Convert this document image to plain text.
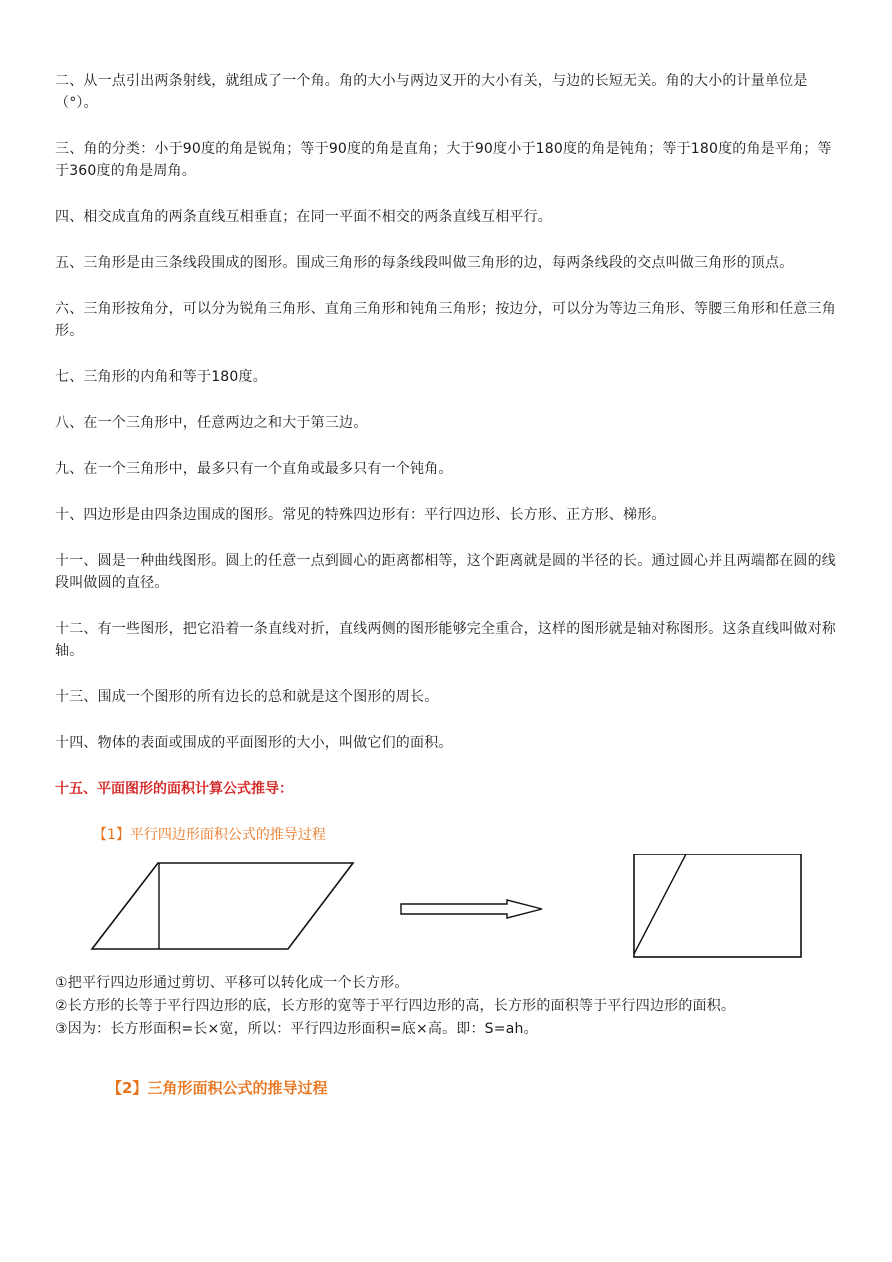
二、从一点引出两条射线，就组成了一个角。角的大小与两边叉开的大小有关，与边的长短无关。角的大小的计量单位是（°）。

三、角的分类：小于90度的角是锐角；等于90度的角是直角；大于90度小于180度的角是钝角；等于180度的角是平角；等于360度的角是周角。

四、相交成直角的两条直线互相垂直；在同一平面不相交的两条直线互相平行。

五、三角形是由三条线段围成的图形。围成三角形的每条线段叫做三角形的边，每两条线段的交点叫做三角形的顶点。

六、三角形按角分，可以分为锐角三角形、直角三角形和钝角三角形；按边分，可以分为等边三角形、等腰三角形和任意三角形。

七、三角形的内角和等于180度。

八、在一个三角形中，任意两边之和大于第三边。

九、在一个三角形中，最多只有一个直角或最多只有一个钝角。

十、四边形是由四条边围成的图形。常见的特殊四边形有：平行四边形、长方形、正方形、梯形。

十一、圆是一种曲线图形。圆上的任意一点到圆心的距离都相等，这个距离就是圆的半径的长。通过圆心并且两端都在圆的线段叫做圆的直径。

十二、有一些图形，把它沿着一条直线对折，直线两侧的图形能够完全重合，这样的图形就是轴对称图形。这条直线叫做对称轴。

十三、围成一个图形的所有边长的总和就是这个图形的周长。

十四、物体的表面或围成的平面图形的大小，叫做它们的面积。

十五、平面图形的面积计算公式推导：

【1】平行四边形面积公式的推导过程

①把平行四边形通过剪切、平移可以转化成一个长方形。
②长方形的长等于平行四边形的底，长方形的宽等于平行四边形的高，长方形的面积等于平行四边形的面积。
③因为：长方形面积=长×宽，所以：平行四边形面积=底×高。即：S=ah。

【2】三角形面积公式的推导过程
